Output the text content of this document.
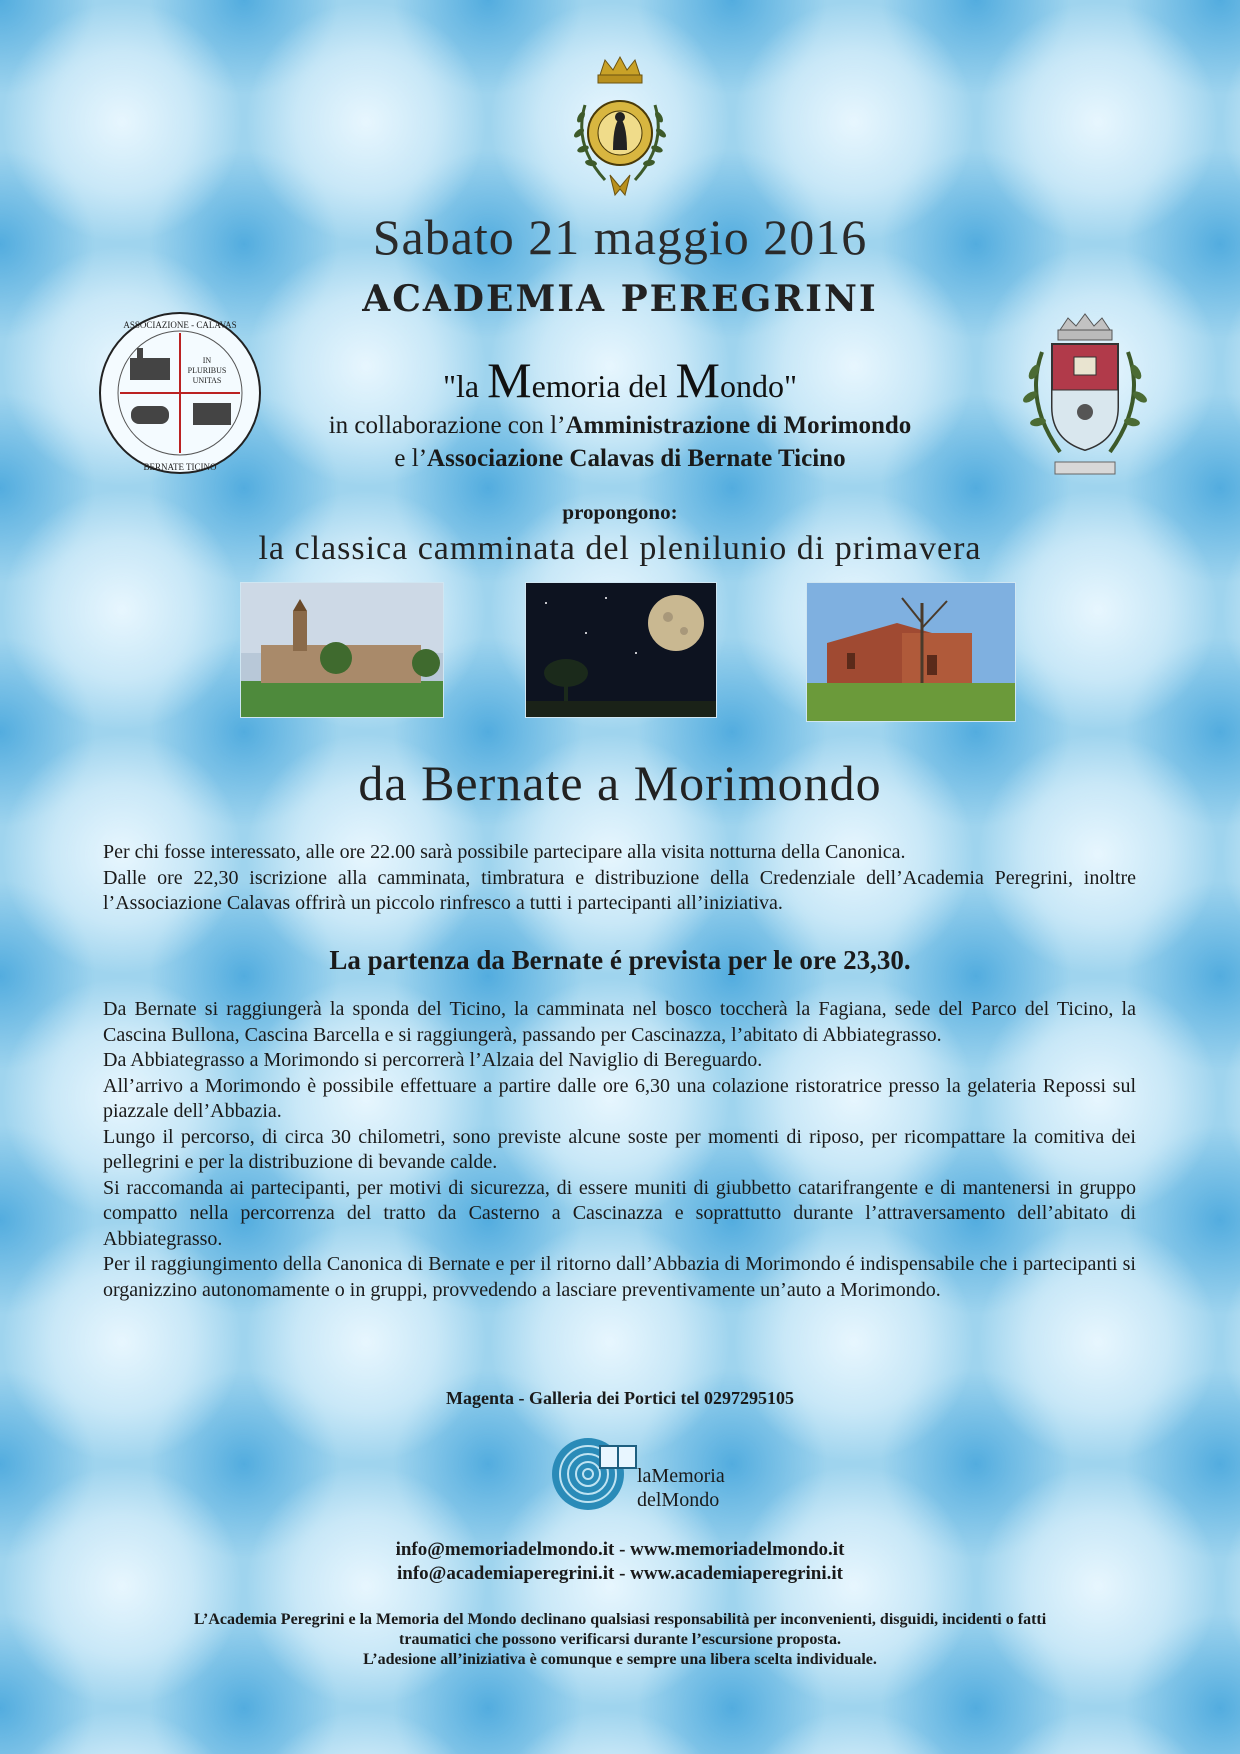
IN
PLURIBUS
UNITAS
ASSOCIAZIONE - CALAVAS
BERNATE TICINO
Sabato 21 maggio 2016
ACADEMIA PEREGRINI
"la Memoria del Mondo"
in collaborazione con l’Amministrazione di Morimondo
e l’Associazione Calavas di Bernate Ticino
propongono:
la classica camminata del plenilunio di primavera
da Bernate a Morimondo

Per chi fosse interessato, alle ore 22.00 sarà possibile partecipare alla visita notturna della Canonica.

Dalle ore 22,30 iscrizione alla camminata, timbratura e distribuzione della Credenziale dell’Academia Peregrini, inoltre l’Associazione Calavas offrirà un piccolo rinfresco a tutti i partecipanti all’iniziativa.

La partenza da Bernate é prevista per le ore 23,30.

Da Bernate si raggiungerà la sponda del Ticino, la camminata nel bosco toccherà la Fagiana, sede del Parco del Ticino, la Cascina Bullona, Cascina Barcella e si raggiungerà, passando per Cascinazza, l’abitato di Abbiategrasso.

Da Abbiategrasso a Morimondo si percorrerà l’Alzaia del Naviglio di Bereguardo.

All’arrivo a Morimondo è possibile effettuare a partire dalle ore 6,30 una colazione ristoratrice presso la gelateria Repossi sul piazzale dell’Abbazia.

Lungo il percorso, di circa 30 chilometri, sono previste alcune soste per momenti di riposo, per ricompattare la comitiva dei pellegrini e per la distribuzione di bevande calde.

Si raccomanda ai partecipanti, per motivi di sicurezza, di essere muniti di giubbetto catarifrangente e di mantenersi in gruppo compatto nella percorrenza del tratto da Casterno a Cascinazza e soprattutto durante l’attraversamento dell’abitato di Abbiategrasso.

Per il raggiungimento della Canonica di Bernate e per il ritorno dall’Abbazia di Morimondo é indispensabile che i partecipanti si organizzino autonomamente o in gruppi, provvedendo a lasciare preventivamente un’auto a Morimondo.

Magenta - Galleria dei Portici tel 0297295105
laMemoria
delMondo
info@memoriadelmondo.it - www.memoriadelmondo.it
info@academiaperegrini.it - www.academiaperegrini.it
L’Academia Peregrini e la Memoria del Mondo declinano qualsiasi responsabilità per inconvenienti, disguidi, incidenti o fatti
traumatici che possono verificarsi durante l’escursione proposta.
L’adesione all’iniziativa è comunque e sempre una libera scelta individuale.
